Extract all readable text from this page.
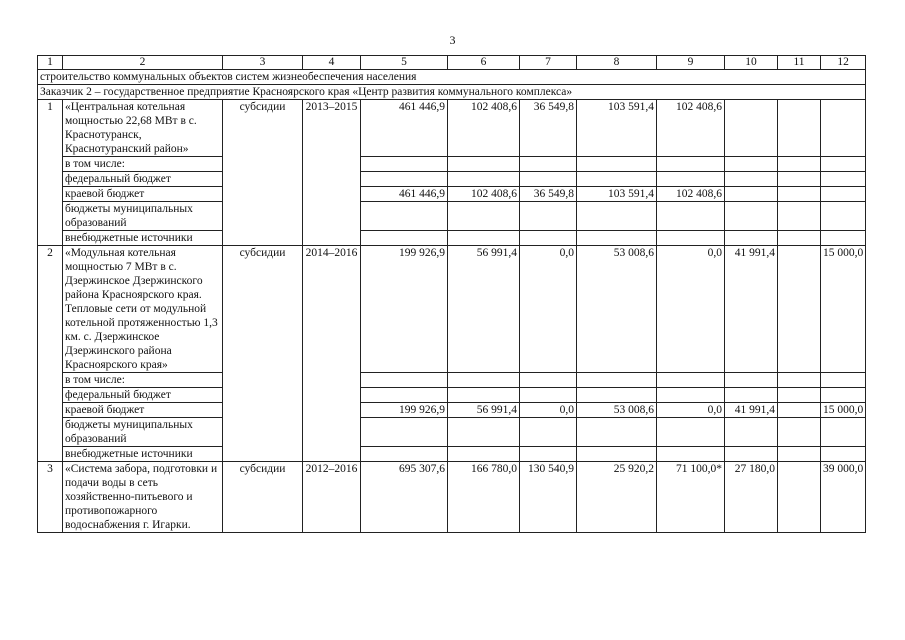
3
1	2	3	4	5	6	7	8	9	10	11	12
строительство коммунальных объектов систем жизнеобеспечения населения											
Заказчик 2 – государственное предприятие Красноярского края «Центр развития коммунального комплекса»											
1	«Центральная котельная мощностью 22,68 МВт в с. Краснотуранск, Краснотуранский район»	субсидии	2013–2015	461 446,9	102 408,6	36 549,8	103 591,4	102 408,6			
	в том числе:										
	федеральный бюджет										
	краевой бюджет			461 446,9	102 408,6	36 549,8	103 591,4	102 408,6			
	бюджеты муниципальных образований										
	внебюджетные источники										
2	«Модульная котельная мощностью 7 МВт в с. Дзержинское Дзержинского района Красноярского края. Тепловые сети от модульной котельной протяженностью 1,3 км. с. Дзержинское Дзержинского района Красноярского края»	субсидии	2014–2016	199 926,9	56 991,4	0,0	53 008,6	0,0	41 991,4		15 000,0
	в том числе:										
	федеральный бюджет										
	краевой бюджет			199 926,9	56 991,4	0,0	53 008,6	0,0	41 991,4		15 000,0
	бюджеты муниципальных образований										
	внебюджетные источники										
3	«Система забора, подготовки и подачи воды в сеть хозяйственно-питьевого и противопожарного водоснабжения г. Игарки.	субсидии	2012–2016	695 307,6	166 780,0	130 540,9	25 920,2	71 100,0*	27 180,0		39 000,0
